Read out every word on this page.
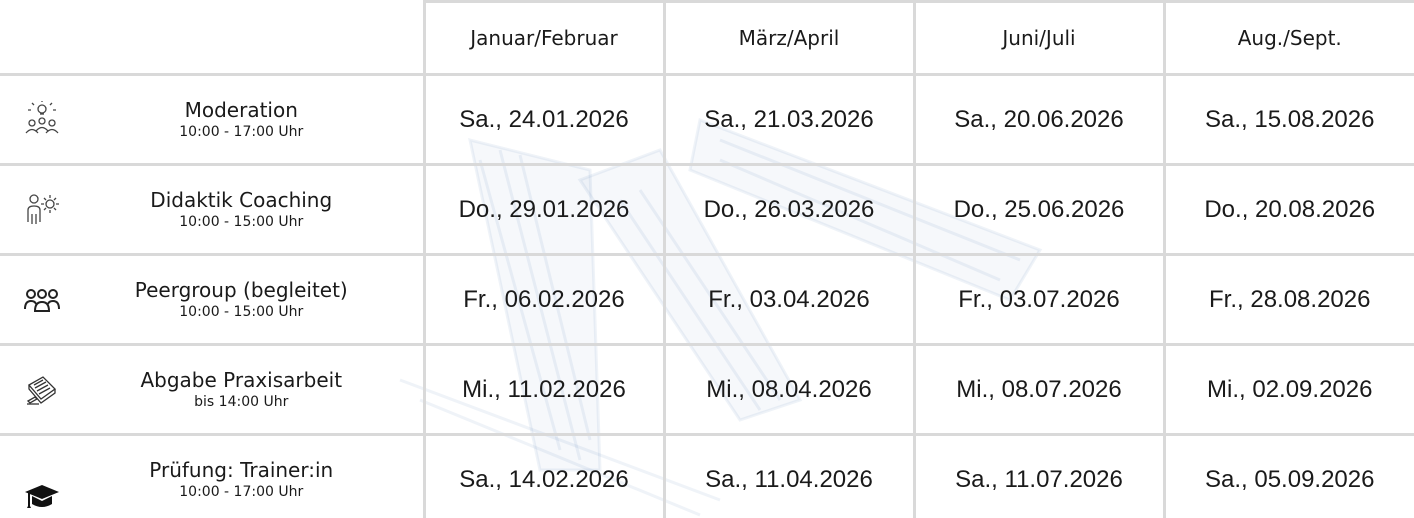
	Januar/Februar	März/April	Juni/Juli	Aug./Sept.

Moderation
10:00 - 17:00 Uhr	Sa., 24.01.2026	Sa., 21.03.2026	Sa., 20.06.2026	Sa., 15.08.2026

Didaktik Coaching
10:00 - 15:00 Uhr	Do., 29.01.2026	Do., 26.03.2026	Do., 25.06.2026	Do., 20.08.2026

Peergroup (begleitet)
10:00 - 15:00 Uhr	Fr., 06.02.2026	Fr., 03.04.2026	Fr., 03.07.2026	Fr., 28.08.2026

Abgabe Praxisarbeit
bis 14:00 Uhr	Mi., 11.02.2026	Mi., 08.04.2026	Mi., 08.07.2026	Mi., 02.09.2026

Prüfung: Trainer:in
10:00 - 17:00 Uhr	Sa., 14.02.2026	Sa., 11.04.2026	Sa., 11.07.2026	Sa., 05.09.2026
